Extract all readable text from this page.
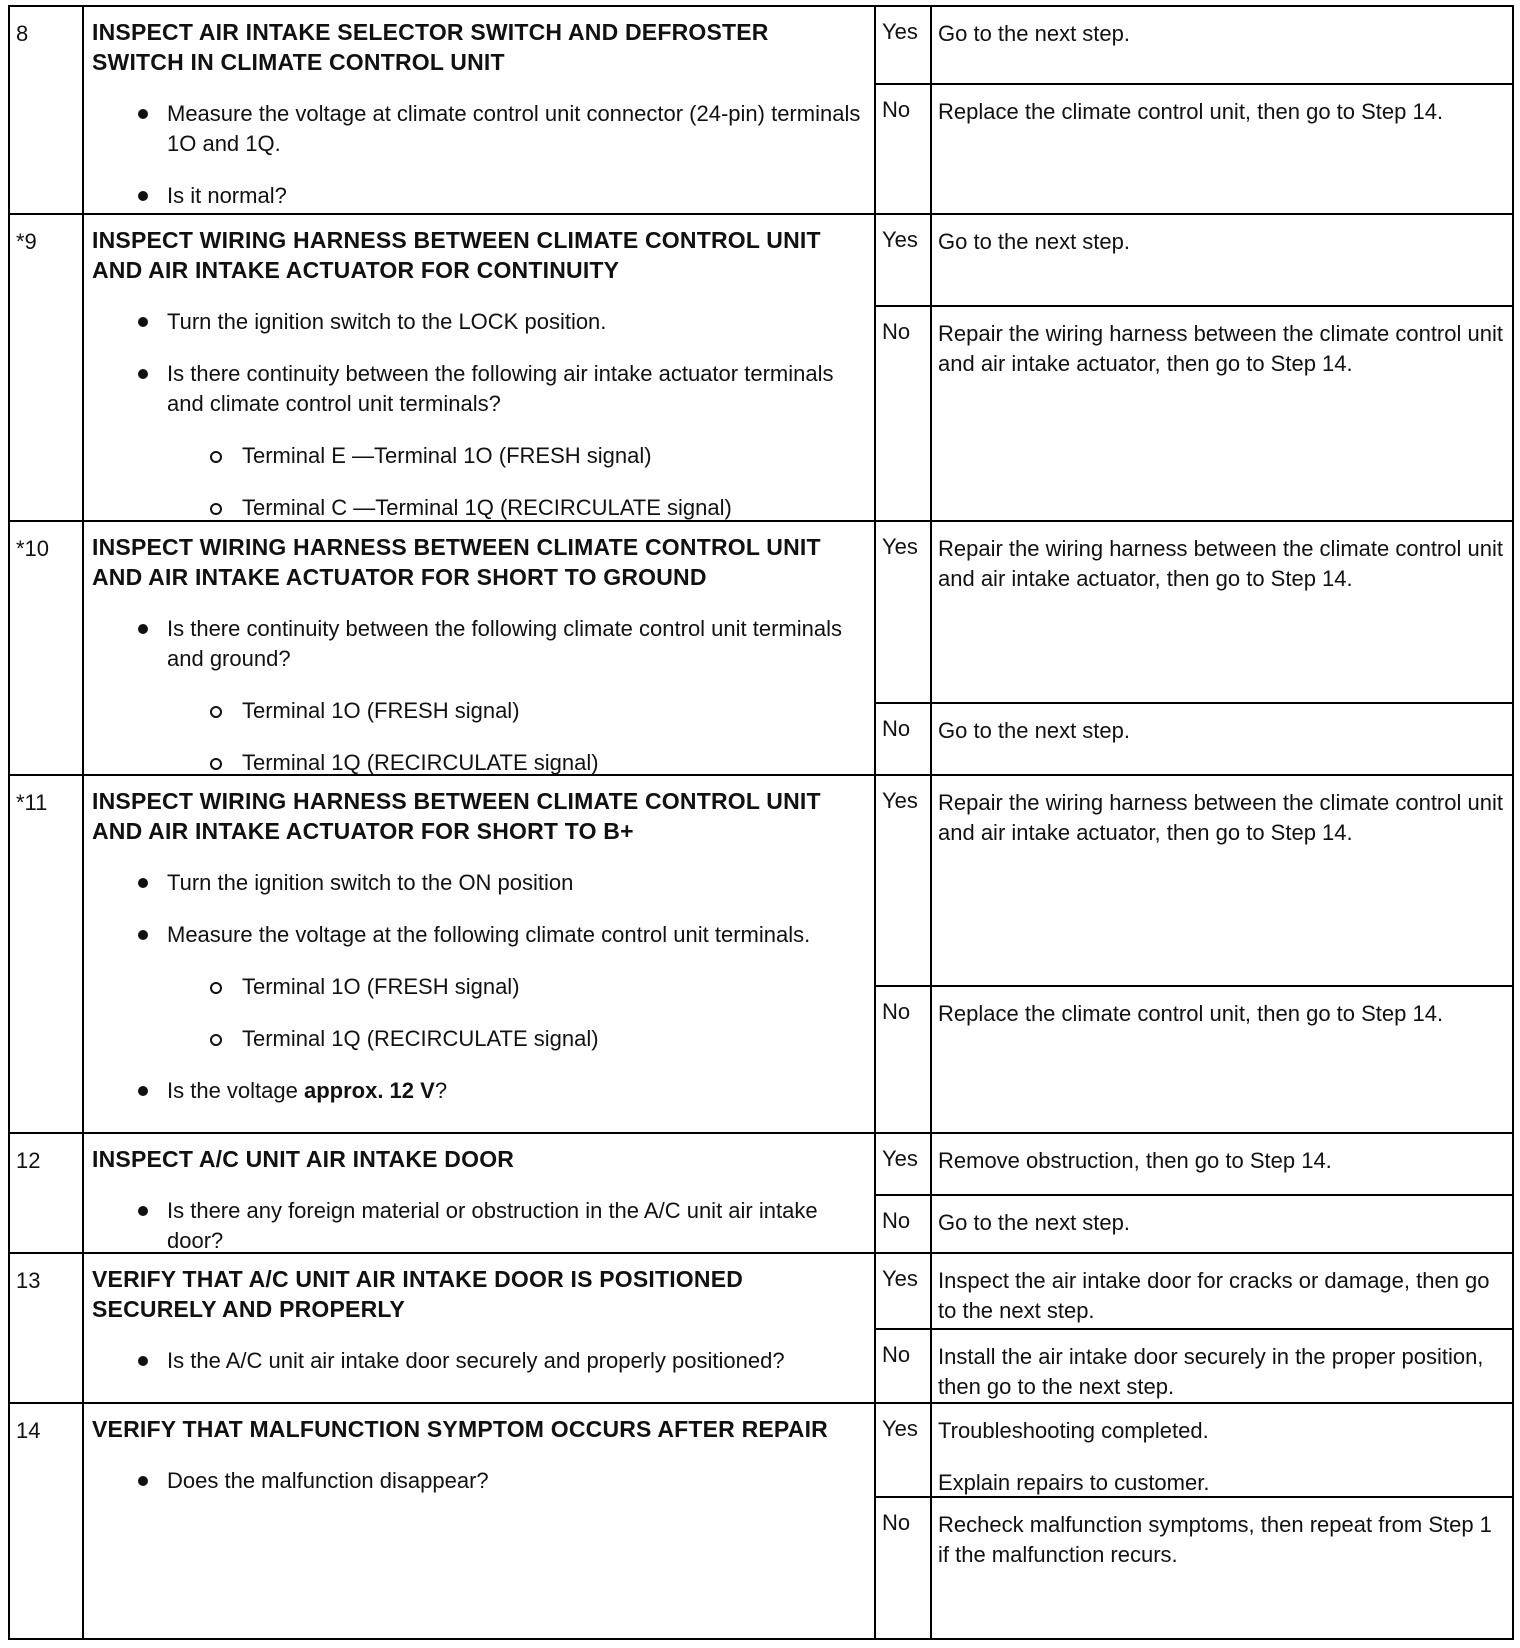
8	INSPECT AIR INTAKE SELECTOR SWITCH AND DEFROSTER SWITCH IN CLIMATE CONTROL UNIT

Measure the voltage at climate control unit connector (24-pin) terminals 1O and 1Q.
Is it normal?
Yes Go to the next step.

No	Replace the climate control unit, then go to Step 14.

*9	INSPECT WIRING HARNESS BETWEEN CLIMATE CONTROL UNIT AND AIR INTAKE ACTUATOR FOR CONTINUITY

Turn the ignition switch to the LOCK position.
Is there continuity between the following air intake actuator terminals and climate control unit terminals?
Terminal E —Terminal 1O (FRESH signal)
Terminal C —Terminal 1Q (RECIRCULATE signal)
Yes Go to the next step.

No	Repair the wiring harness between the climate control unit and air intake actuator, then go to Step 14.

*10	INSPECT WIRING HARNESS BETWEEN CLIMATE CONTROL UNIT AND AIR INTAKE ACTUATOR FOR SHORT TO GROUND

Is there continuity between the following climate control unit terminals and ground?
Terminal 1O (FRESH signal)
Terminal 1Q (RECIRCULATE signal)
Yes Repair the wiring harness between the climate control unit and air intake actuator, then go to Step 14.

No	Go to the next step.

*11	INSPECT WIRING HARNESS BETWEEN CLIMATE CONTROL UNIT AND AIR INTAKE ACTUATOR FOR SHORT TO B+

Turn the ignition switch to the ON position
Measure the voltage at the following climate control unit terminals.
Terminal 1O (FRESH signal)
Terminal 1Q (RECIRCULATE signal)
Is the voltage approx. 12 V?
Yes Repair the wiring harness between the climate control unit and air intake actuator, then go to Step 14.

No	Replace the climate control unit, then go to Step 14.

12	INSPECT A/C UNIT AIR INTAKE DOOR

Is there any foreign material or obstruction in the A/C unit air intake door?
Yes Remove obstruction, then go to Step 14.

No	Go to the next step.

13	VERIFY THAT A/C UNIT AIR INTAKE DOOR IS POSITIONED SECURELY AND PROPERLY

Is the A/C unit air intake door securely and properly positioned?
Yes Inspect the air intake door for cracks or damage, then go to the next step.

No	Install the air intake door securely in the proper position, then go to the next step.

14	VERIFY THAT MALFUNCTION SYMPTOM OCCURS AFTER REPAIR

Does the malfunction disappear?
Yes Troubleshooting completed.

Explain repairs to customer.

No	Recheck malfunction symptoms, then repeat from Step 1 if the malfunction recurs.
